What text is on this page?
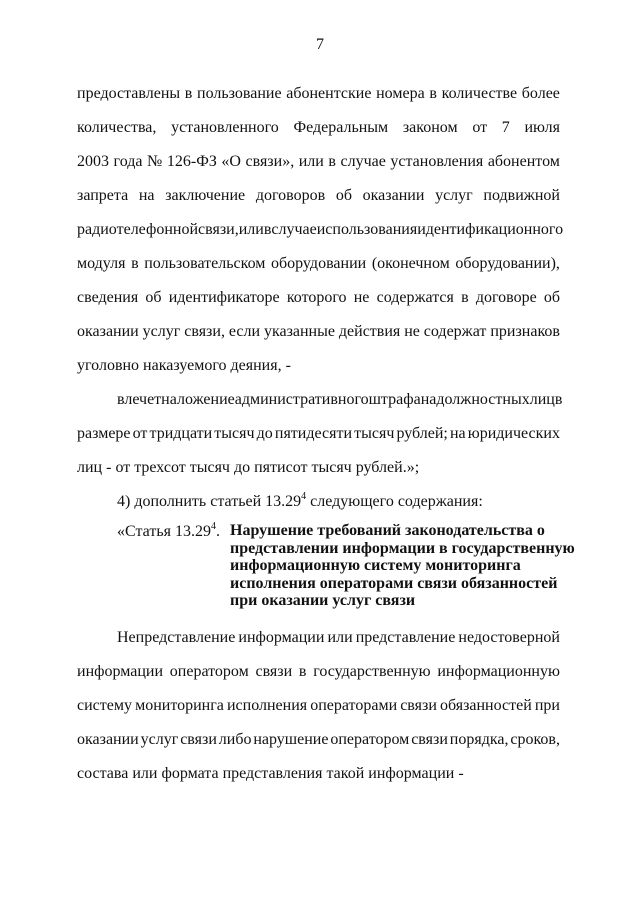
7
предоставлены в пользование абонентские номера в количестве более
количества, установленного Федеральным законом от 7 июля
2003 года № 126-ФЗ «О связи», или в случае установления абонентом
запрета на заключение договоров об оказании услуг подвижной
радиотелефонной связи, или в случае использования идентификационного
модуля в пользовательском оборудовании (оконечном оборудовании),
сведения об идентификаторе которого не содержатся в договоре об
оказании услуг связи, если указанные действия не содержат признаков
уголовно наказуемого деяния, -
влечет наложение административного штрафа на должностных лиц в
размере от тридцати тысяч до пятидесяти тысяч рублей; на юридических
лиц - от трехсот тысяч до пятисот тысяч рублей.»;
4) дополнить статьей 13.29$^4$ следующего содержания:
«Статья 13.29$^4$. Нарушение требований законодательства о
представлении информации в государственную
информационную систему мониторинга
исполнения операторами связи обязанностей
при оказании услуг связи
Непредставление информации или представление недостоверной
информации оператором связи в государственную информационную
систему мониторинга исполнения операторами связи обязанностей при
оказании услуг связи либо нарушение оператором связи порядка, сроков,
состава или формата представления такой информации -
